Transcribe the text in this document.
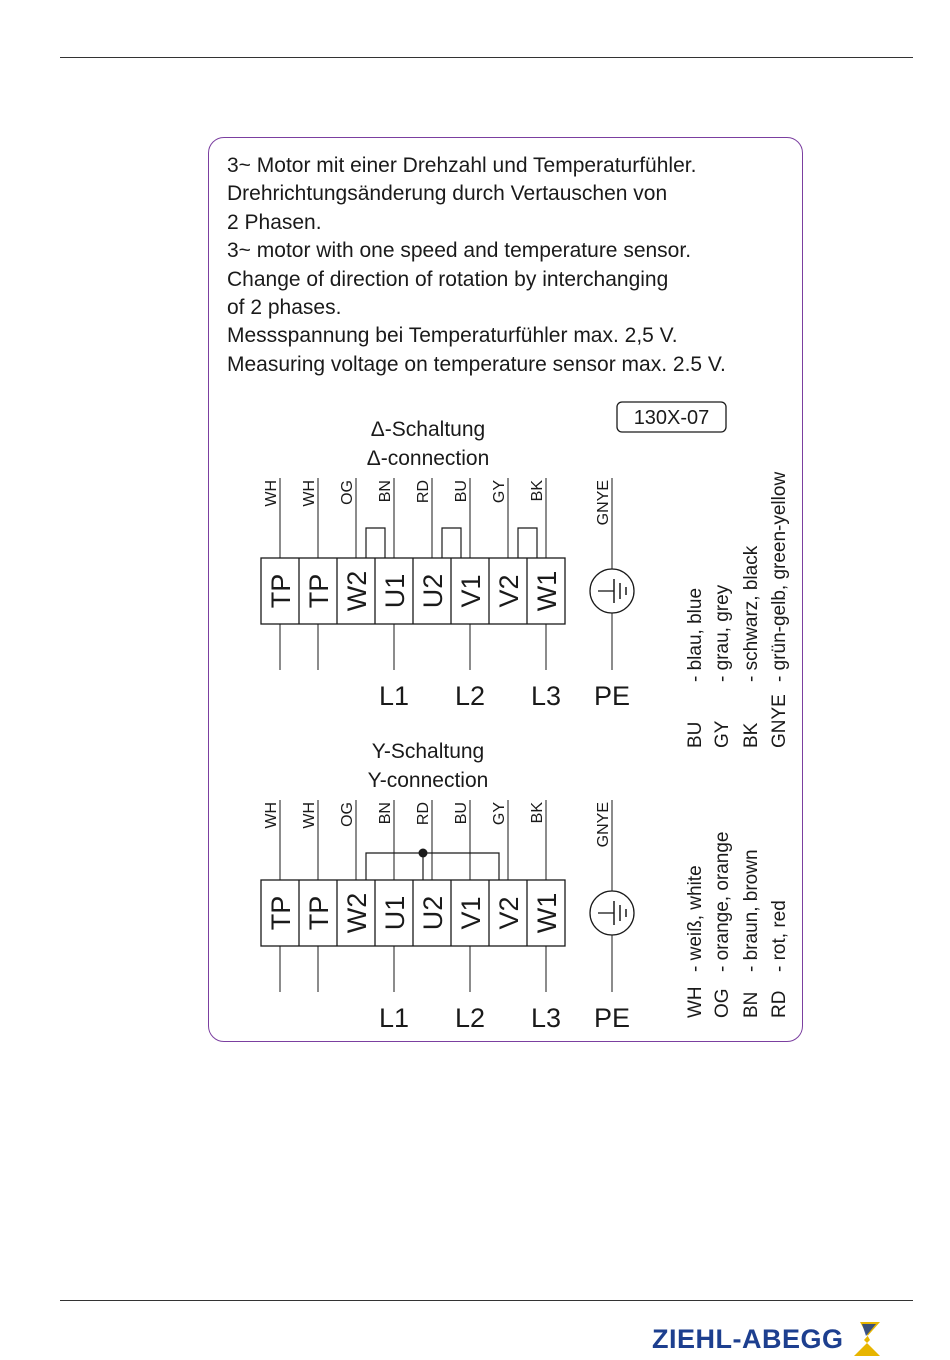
3~ Motor mit einer Drehzahl und Temperaturfühler.
Drehrichtungsänderung durch Vertauschen von
2 Phasen.
3~ motor with one speed and temperature sensor.
Change of direction of rotation by interchanging
of 2 phases.
Messspannung bei Temperaturfühler max. 2,5 V.
Measuring voltage on temperature sensor max. 2.5 V.
130X-07
Δ-Schaltung
Δ-connection
Y-Schaltung
Y-connection
TP
WH
TP
WH
W2
OG
U1
BN
U2
RD
V1
BU
V2
GY
W1
BK
L1 L2 L3
GNYE
PE
TP
WH
TP
WH
W2
OG
U1
BN
U2
RD
V1
BU
V2
GY
W1
BK
L1 L2 L3
GNYE
PE	WH
- weiß, white
OG
- orange, orange
BN
- braun, brown
RD
- rot, red
BU
- blau, blue
GY
- grau, grey
BK
- schwarz, black
GNYE
- grün-gelb, green-yellow
ZIEHL-ABEGG
